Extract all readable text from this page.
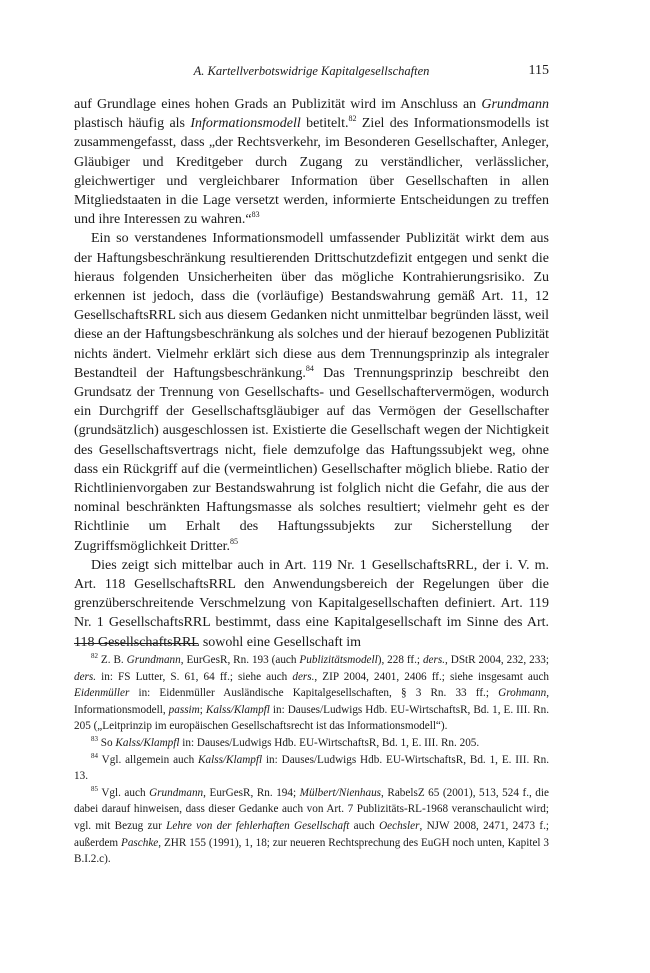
A. Kartellverbotswidrige Kapitalgesellschaften	115

auf Grundlage eines hohen Grads an Publizität wird im Anschluss an Grundmann plastisch häufig als Informationsmodell betitelt.$^{82}$ Ziel des Informationsmodells ist zusammengefasst, dass „der Rechtsverkehr, im Besonderen Gesellschafter, Anleger, Gläubiger und Kreditgeber durch Zugang zu verständlicher, verlässlicher, gleichwertiger und vergleichbarer Information über Gesellschaften in allen Mitgliedstaaten in die Lage versetzt werden, informierte Entscheidungen zu treffen und ihre Interessen zu wahren.“$^{83}$

Ein so verstandenes Informationsmodell umfassender Publizität wirkt dem aus der Haftungsbeschränkung resultierenden Drittschutzdefizit entgegen und senkt die hieraus folgenden Unsicherheiten über das mögliche Kontrahierungsrisiko. Zu erkennen ist jedoch, dass die (vorläufige) Bestandswahrung gemäß Art. 11, 12 GesellschaftsRRL sich aus diesem Gedanken nicht unmittelbar begründen lässt, weil diese an der Haftungsbeschränkung als solches und der hierauf bezogenen Publizität nichts ändert. Vielmehr erklärt sich diese aus dem Trennungsprinzip als integraler Bestandteil der Haftungsbeschränkung.$^{84}$ Das Trennungsprinzip beschreibt den Grundsatz der Trennung von Gesellschafts- und Gesellschaftervermögen, wodurch ein Durchgriff der Gesellschaftsgläubiger auf das Vermögen der Gesellschafter (grundsätzlich) ausgeschlossen ist. Existierte die Gesellschaft wegen der Nichtigkeit des Gesellschaftsvertrags nicht, fiele demzufolge das Haftungssubjekt weg, ohne dass ein Rückgriff auf die (vermeintlichen) Gesellschafter möglich bliebe. Ratio der Richtlinienvorgaben zur Bestandswahrung ist folglich nicht die Gefahr, die aus der nominal beschränkten Haftungsmasse als solches resultiert; vielmehr geht es der Richtlinie um Erhalt des Haftungssubjekts zur Sicherstellung der Zugriffsmöglichkeit Dritter.$^{85}$

Dies zeigt sich mittelbar auch in Art. 119 Nr. 1 GesellschaftsRRL, der i. V. m. Art. 118 GesellschaftsRRL den Anwendungsbereich der Regelungen über die grenzüberschreitende Verschmelzung von Kapitalgesellschaften definiert. Art. 119 Nr. 1 GesellschaftsRRL bestimmt, dass eine Kapitalgesellschaft im Sinne des Art. 118 GesellschaftsRRL sowohl eine Gesellschaft im

$^{82}$ Z. B. Grundmann, EurGesR, Rn. 193 (auch Publizitätsmodell), 228 ff.; ders., DStR 2004, 232, 233; ders. in: FS Lutter, S. 61, 64 ff.; siehe auch ders., ZIP 2004, 2401, 2406 ff.; siehe insgesamt auch Eidenmüller in: Eidenmüller Ausländische Kapitalgesellschaften, § 3 Rn. 33 ff.; Grohmann, Informationsmodell, passim; Kalss/Klampfl in: Dauses/Ludwigs Hdb. EU-WirtschaftsR, Bd. 1, E. III. Rn. 205 („Leitprinzip im europäischen Gesellschaftsrecht ist das Informationsmodell“).

$^{83}$ So Kalss/Klampfl in: Dauses/Ludwigs Hdb. EU-WirtschaftsR, Bd. 1, E. III. Rn. 205.

$^{84}$ Vgl. allgemein auch Kalss/Klampfl in: Dauses/Ludwigs Hdb. EU-WirtschaftsR, Bd. 1, E. III. Rn. 13.

$^{85}$ Vgl. auch Grundmann, EurGesR, Rn. 194; Mülbert/Nienhaus, RabelsZ 65 (2001), 513, 524 f., die dabei darauf hinweisen, dass dieser Gedanke auch von Art. 7 Publizitäts-RL-1968 veranschaulicht wird; vgl. mit Bezug zur Lehre von der fehlerhaften Gesellschaft auch Oechsler, NJW 2008, 2471, 2473 f.; außerdem Paschke, ZHR 155 (1991), 1, 18; zur neueren Rechtsprechung des EuGH noch unten, Kapitel 3 B.I.2.c).
